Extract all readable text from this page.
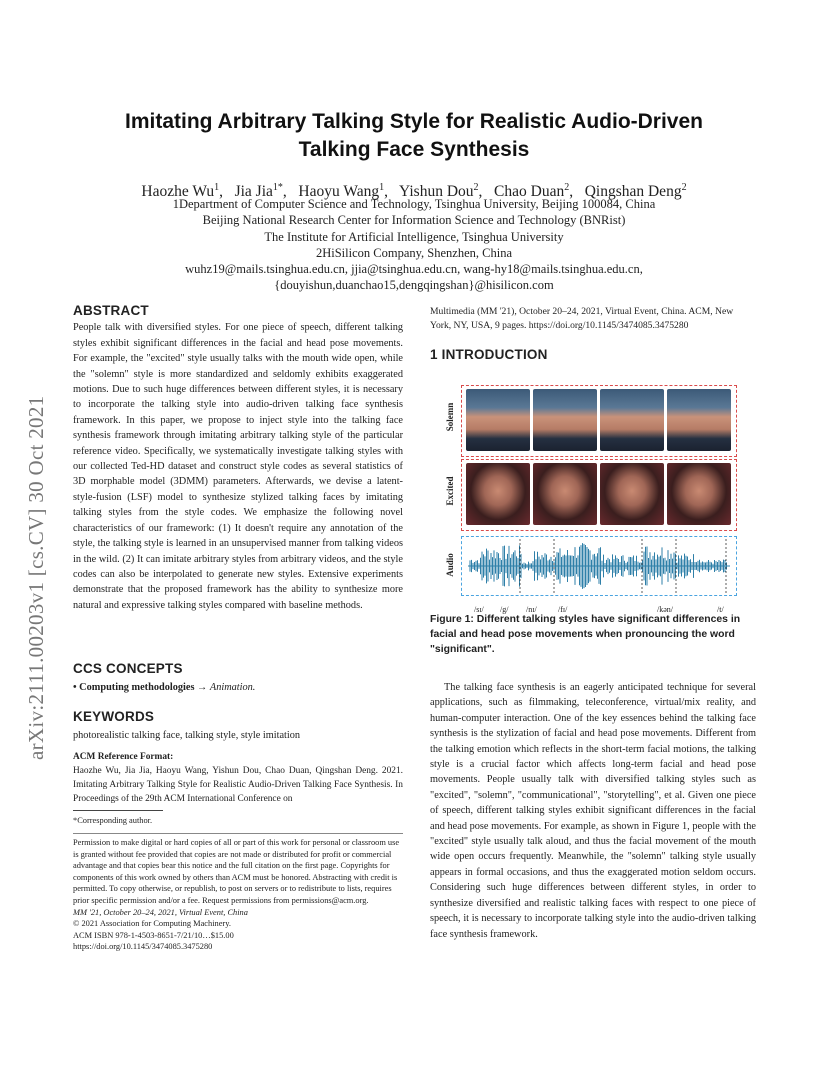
arXiv:2111.00203v1 [cs.CV] 30 Oct 2021
Imitating Arbitrary Talking Style for Realistic Audio-Driven
Talking Face Synthesis
Haozhe Wu$^1$,   Jia Jia$^{1*}$,   Haoyu Wang$^1$,   Yishun Dou$^2$,   Chao Duan$^2$,   Qingshan Deng$^2$
1Department of Computer Science and Technology, Tsinghua University, Beijing 100084, China
Beijing National Research Center for Information Science and Technology (BNRist)
The Institute for Artificial Intelligence, Tsinghua University
2HiSilicon Company, Shenzhen, China
wuhz19@mails.tsinghua.edu.cn, jjia@tsinghua.edu.cn, wang-hy18@mails.tsinghua.edu.cn,
{douyishun,duanchao15,dengqingshan}@hisilicon.com
ABSTRACT

People talk with diversified styles. For one piece of speech, different talking styles exhibit significant differences in the facial and head pose movements. For example, the "excited" style usually talks with the mouth wide open, while the "solemn" style is more standardized and seldomly exhibits exaggerated motions. Due to such huge differences between different styles, it is necessary to incorporate the talking style into audio-driven talking face synthesis framework. In this paper, we propose to inject style into the talking face synthesis framework through imitating arbitrary talking style of the particular reference video. Specifically, we systematically investigate talking styles with our collected Ted-HD dataset and construct style codes as several statistics of 3D morphable model (3DMM) parameters. Afterwards, we devise a latent-style-fusion (LSF) model to synthesize stylized talking faces by imitating talking styles from the style codes. We emphasize the following novel characteristics of our framework: (1) It doesn't require any annotation of the style, the talking style is learned in an unsupervised manner from talking videos in the wild. (2) It can imitate arbitrary styles from arbitrary videos, and the style codes can also be interpolated to generate new styles. Extensive experiments demonstrate that the proposed framework has the ability to synthesize more natural and expressive talking styles compared with baseline methods.

CCS CONCEPTS

• Computing methodologies → Animation.

KEYWORDS

photorealistic talking face, talking style, style imitation

ACM Reference Format:

Haozhe Wu, Jia Jia, Haoyu Wang, Yishun Dou, Chao Duan, Qingshan Deng. 2021. Imitating Arbitrary Talking Style for Realistic Audio-Driven Talking Face Synthesis. In Proceedings of the 29th ACM International Conference on

*Corresponding author.

Permission to make digital or hard copies of all or part of this work for personal or classroom use is granted without fee provided that copies are not made or distributed for profit or commercial advantage and that copies bear this notice and the full citation on the first page. Copyrights for components of this work owned by others than ACM must be honored. Abstracting with credit is permitted. To copy otherwise, or republish, to post on servers or to redistribute to lists, requires prior specific permission and/or a fee. Request permissions from permissions@acm.org.

MM '21, October 20–24, 2021, Virtual Event, China

© 2021 Association for Computing Machinery.

ACM ISBN 978-1-4503-8651-7/21/10…$15.00

https://doi.org/10.1145/3474085.3475280

Multimedia (MM '21), October 20–24, 2021, Virtual Event, China. ACM, New York, NY, USA, 9 pages. https://doi.org/10.1145/3474085.3475280

1 INTRODUCTION
Solemn
Excited
Audio
/sɪ/ /g/ /nɪ/	/fɪ/	/kən/	/t/
Figure 1: Different talking styles have significant differences in facial and head pose movements when pronouncing the word "significant".
The talking face synthesis is an eagerly anticipated technique for several applications, such as filmmaking, teleconference, virtual/mix reality, and human-computer interaction. One of the key essences behind the talking face synthesis is the stylization of facial and head pose movements. Different from the talking emotion which reflects in the short-term facial motions, the talking style is a crucial factor which affects long-term facial and head pose movements. People usually talk with diversified talking styles such as "excited", "solemn", "communicational", "storytelling", et al. Given one piece of speech, different talking styles exhibit significant differences in the facial and head pose movements. For example, as shown in Figure 1, people with the "excited" style usually talk aloud, and thus the facial movement of the mouth wide open occurs frequently. Meanwhile, the "solemn" talking style usually appears in formal occasions, and thus the exaggerated motion seldom occurs. Considering such huge differences between different styles, in order to synthesize diversified and realistic talking faces with respect to one piece of speech, it is necessary to incorporate talking style into the audio-driven talking face synthesis framework.
